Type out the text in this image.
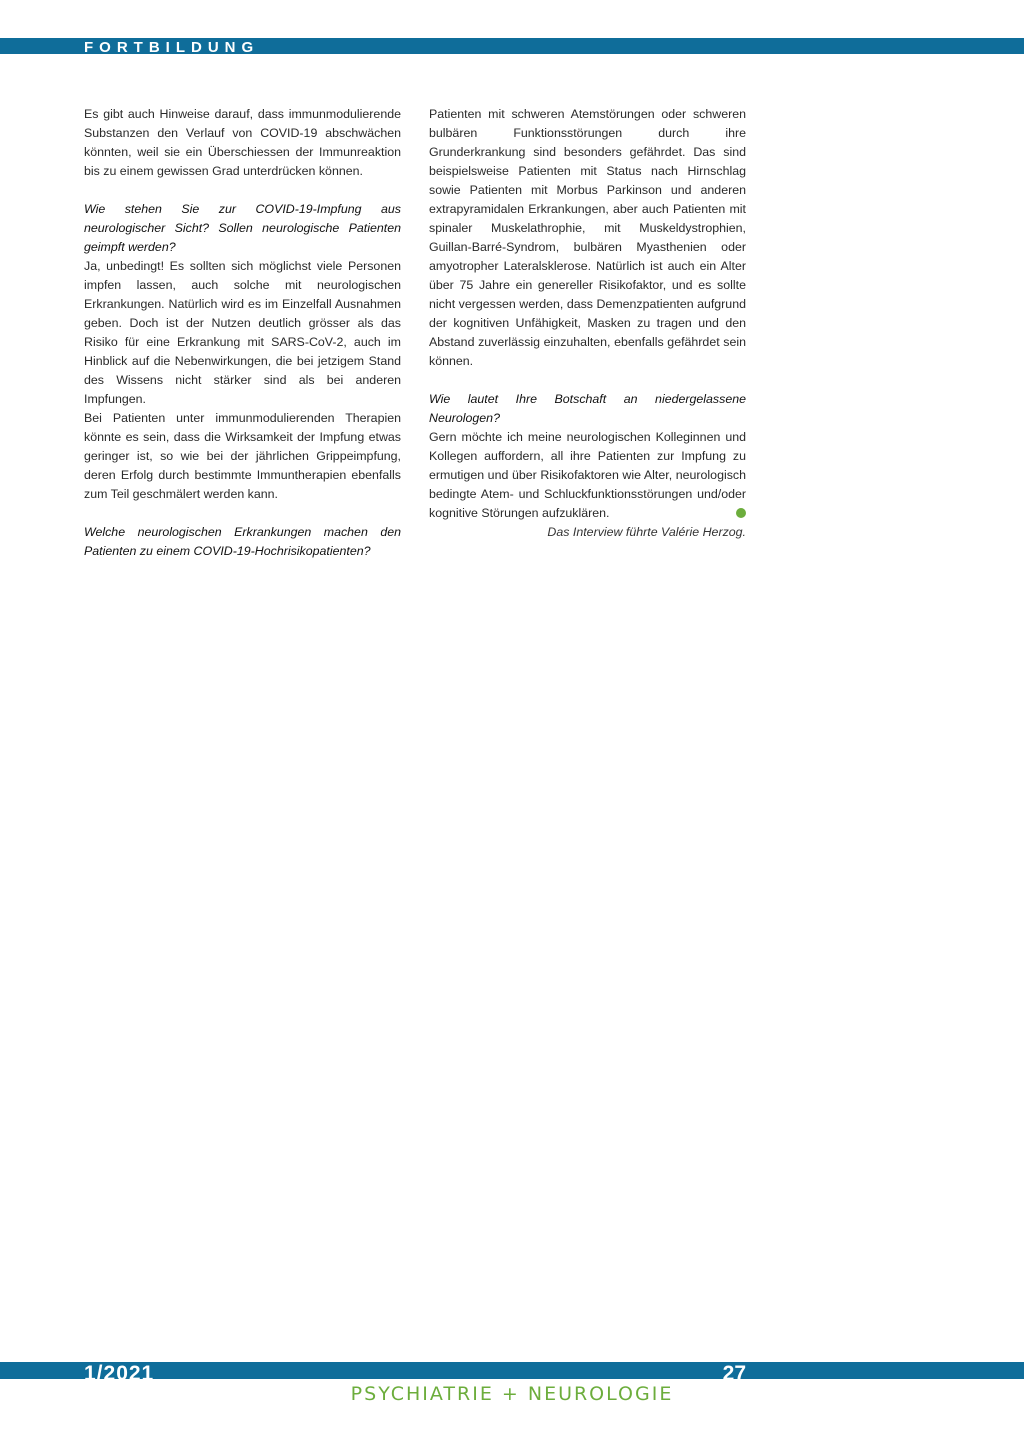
FORTBILDUNG

Es gibt auch Hinweise darauf, dass immunmodulierende Substanzen den Verlauf von COVID-19 abschwächen könnten, weil sie ein Überschiessen der Immunreaktion bis zu einem gewissen Grad unterdrücken können.

Wie stehen Sie zur COVID-19-Impfung aus neurologischer Sicht? Sollen neurologische Patienten geimpft werden?

Ja, unbedingt! Es sollten sich möglichst viele Personen impfen lassen, auch solche mit neurologischen Erkrankungen. Natürlich wird es im Einzelfall Ausnahmen geben. Doch ist der Nutzen deutlich grösser als das Risiko für eine Erkrankung mit SARS-CoV-2, auch im Hinblick auf die Nebenwirkungen, die bei jetzigem Stand des Wissens nicht stärker sind als bei anderen Impfungen.

Bei Patienten unter immunmodulierenden Therapien könnte es sein, dass die Wirksamkeit der Impfung etwas geringer ist, so wie bei der jährlichen Grippeimpfung, deren Erfolg durch bestimmte Immuntherapien ebenfalls zum Teil geschmälert werden kann.

Welche neurologischen Erkrankungen machen den Patienten zu einem COVID-19-Hochrisikopatienten?

Patienten mit schweren Atemstörungen oder schweren bulbären Funktionsstörungen durch ihre Grunderkrankung sind besonders gefährdet. Das sind beispielsweise Patienten mit Status nach Hirnschlag sowie Patienten mit Morbus Parkinson und anderen extrapyramidalen Erkrankungen, aber auch Patienten mit spinaler Muskelathrophie, mit Muskeldystrophien, Guillan-Barré-Syndrom, bulbären Myasthenien oder amyotropher Lateralsklerose. Natürlich ist auch ein Alter über 75 Jahre ein genereller Risikofaktor, und es sollte nicht vergessen werden, dass Demenzpatienten aufgrund der kognitiven Unfähigkeit, Masken zu tragen und den Abstand zuverlässig einzuhalten, ebenfalls gefährdet sein können.

Wie lautet Ihre Botschaft an niedergelassene Neurologen?

Gern möchte ich meine neurologischen Kolleginnen und Kollegen auffordern, all ihre Patienten zur Impfung zu ermutigen und über Risikofaktoren wie Alter, neurologisch bedingte Atem- und Schluckfunktionsstörungen und/oder kognitive Störungen aufzuklären.

Das Interview führte Valérie Herzog.

1/2021	27
PSYCHIATRIE + NEUROLOGIE
